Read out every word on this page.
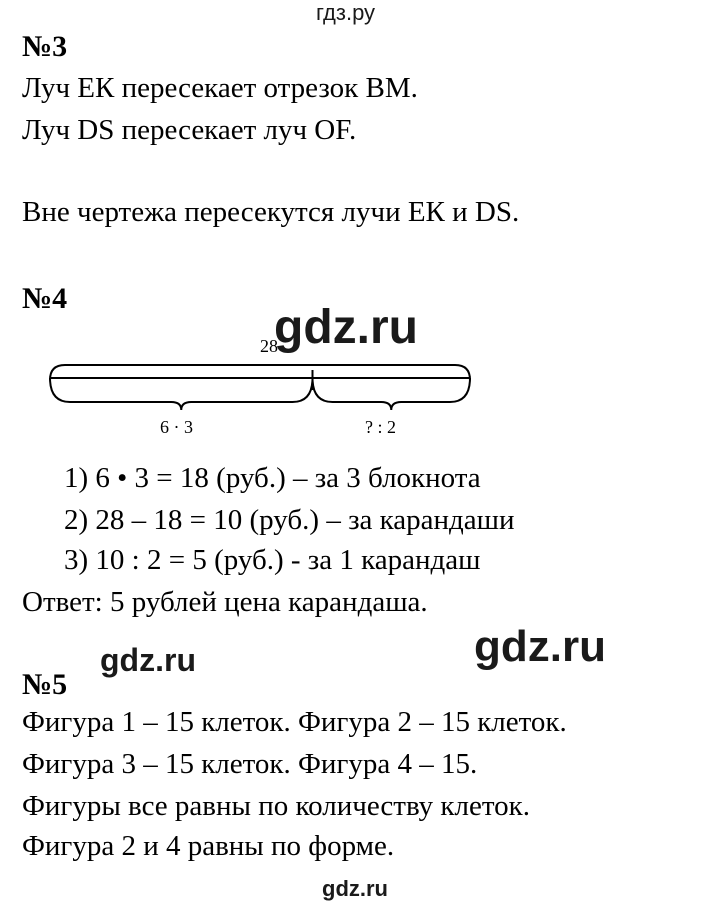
гдз.ру
№3
Луч ЕК пересекает отрезок ВМ.
Луч DS пересекает луч OF.
Вне чертежа пересекутся лучи ЕК и DS.
№4
28
6 · 3	? : 2
gdz.ru
1) 6 • 3 = 18 (руб.) – за 3 блокнота
2) 28 – 18 = 10 (руб.) – за карандаши
3) 10 : 2 = 5 (руб.) - за 1 карандаш
Ответ: 5 рублей цена карандаша.
gdz.ru
gdz.ru
№5
Фигура 1 – 15 клеток. Фигура 2 – 15 клеток.
Фигура 3 – 15 клеток. Фигура 4 – 15.
Фигуры все равны по количеству клеток.
Фигура 2 и 4 равны по форме.
gdz.ru
